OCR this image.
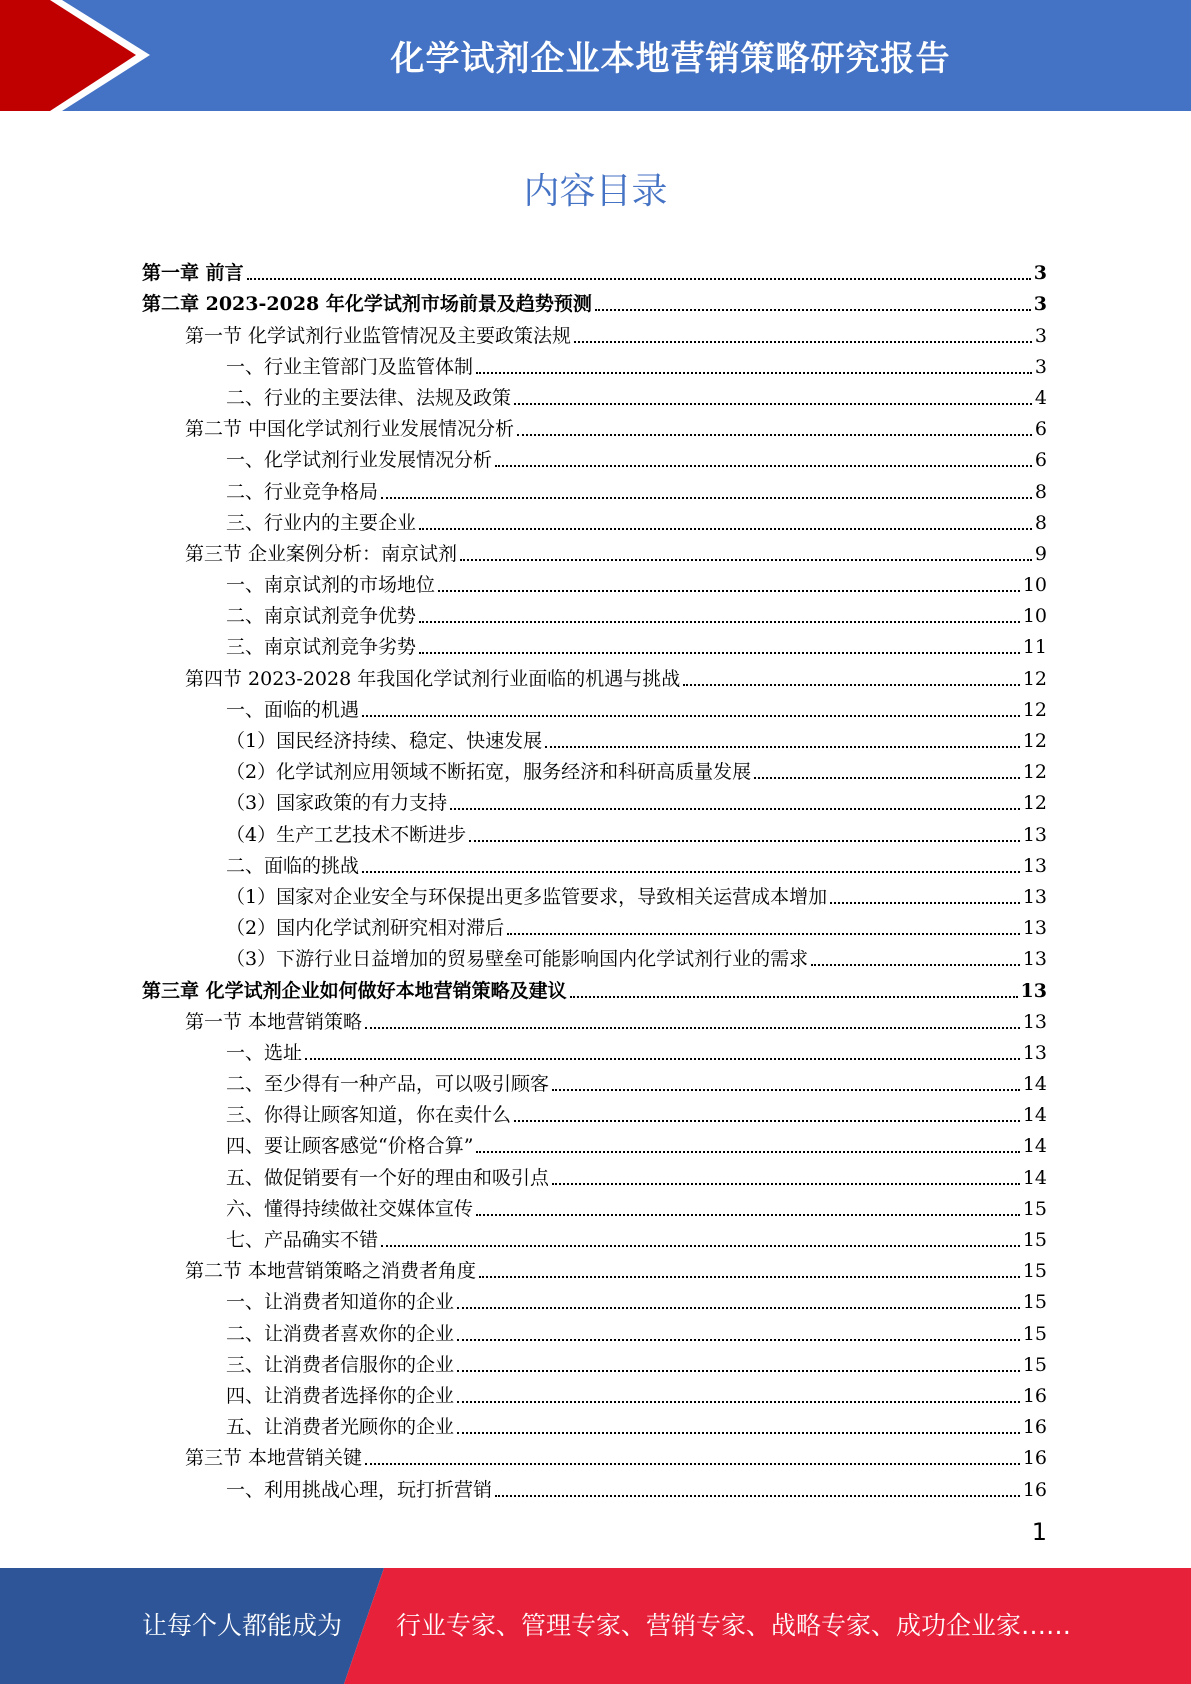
化学试剂企业本地营销策略研究报告
内容目录
第一章 前言	3
第二章 2023-2028 年化学试剂市场前景及趋势预测	3
第一节 化学试剂行业监管情况及主要政策法规	3
一、行业主管部门及监管体制	3
二、行业的主要法律、法规及政策	4
第二节 中国化学试剂行业发展情况分析	6
一、化学试剂行业发展情况分析	6
二、行业竞争格局	8
三、行业内的主要企业	8
第三节 企业案例分析：南京试剂	9
一、南京试剂的市场地位	10
二、南京试剂竞争优势	10
三、南京试剂竞争劣势	11
第四节 2023-2028 年我国化学试剂行业面临的机遇与挑战	12
一、面临的机遇	12
（1）国民经济持续、稳定、快速发展	12
（2）化学试剂应用领域不断拓宽，服务经济和科研高质量发展	12
（3）国家政策的有力支持	12
（4）生产工艺技术不断进步	13
二、面临的挑战	13
（1）国家对企业安全与环保提出更多监管要求，导致相关运营成本增加	13
（2）国内化学试剂研究相对滞后	13
（3）下游行业日益增加的贸易壁垒可能影响国内化学试剂行业的需求	13
第三章 化学试剂企业如何做好本地营销策略及建议	13
第一节 本地营销策略	13
一、选址	13
二、至少得有一种产品，可以吸引顾客	14
三、你得让顾客知道，你在卖什么	14
四、要让顾客感觉“价格合算”	14
五、做促销要有一个好的理由和吸引点	14
六、懂得持续做社交媒体宣传	15
七、产品确实不错	15
第二节 本地营销策略之消费者角度	15
一、让消费者知道你的企业	15
二、让消费者喜欢你的企业	15
三、让消费者信服你的企业	15
四、让消费者选择你的企业	16
五、让消费者光顾你的企业	16
第三节 本地营销关键	16
一、利用挑战心理，玩打折营销	16
1
让每个人都能成为 行业专家、管理专家、营销专家、战略专家、成功企业家……
